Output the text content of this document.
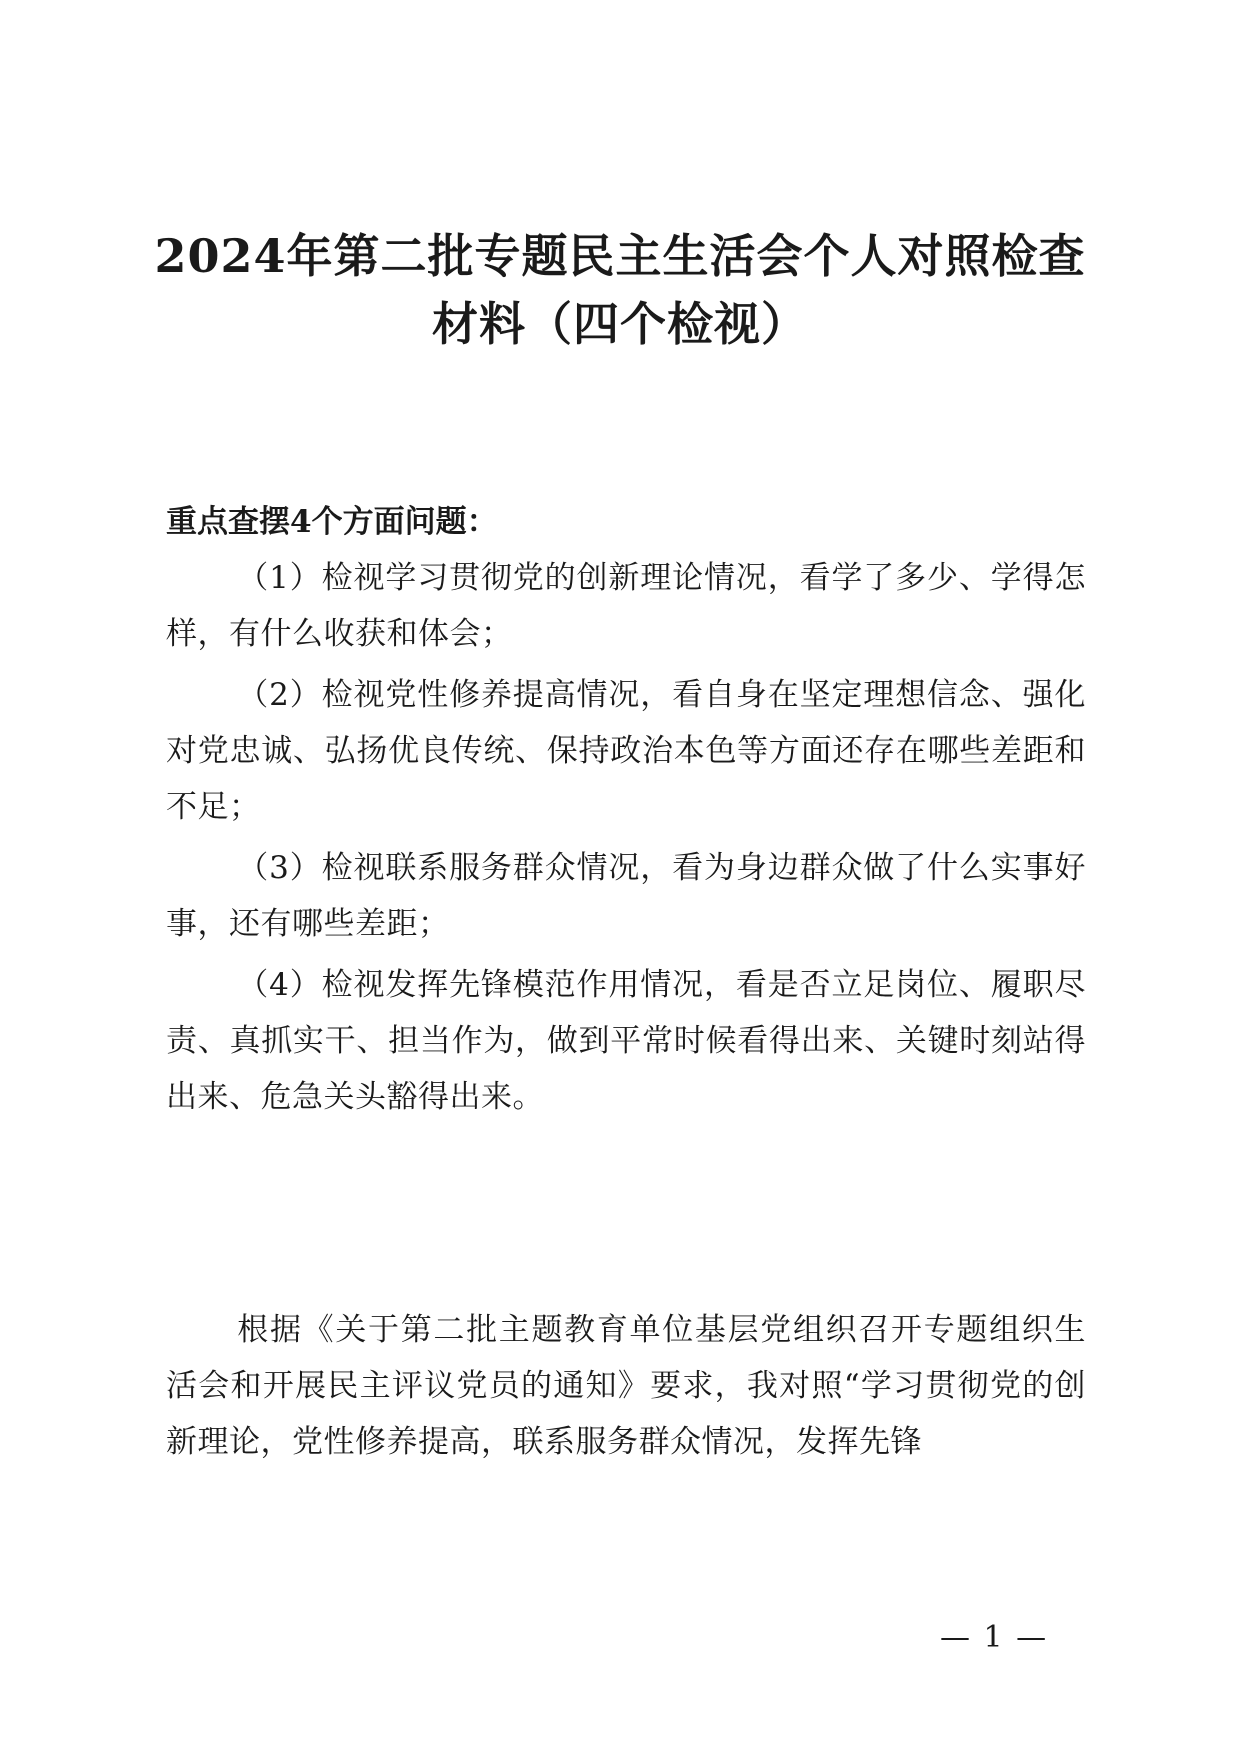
2024年第二批专题民主生活会个人对照检查
材料（四个检视）

重点查摆4个方面问题：

（1）检视学习贯彻党的创新理论情况，看学了多少、学得怎样，有什么收获和体会；

（2）检视党性修养提高情况，看自身在坚定理想信念、强化对党忠诚、弘扬优良传统、保持政治本色等方面还存在哪些差距和不足；

（3）检视联系服务群众情况，看为身边群众做了什么实事好事，还有哪些差距；

（4）检视发挥先锋模范作用情况，看是否立足岗位、履职尽责、真抓实干、担当作为，做到平常时候看得出来、关键时刻站得出来、危急关头豁得出来。

根据《关于第二批主题教育单位基层党组织召开专题组织生活会和开展民主评议党员的通知》要求，我对照“学习贯彻党的创新理论，党性修养提高，联系服务群众情况，发挥先锋

— 1 —
